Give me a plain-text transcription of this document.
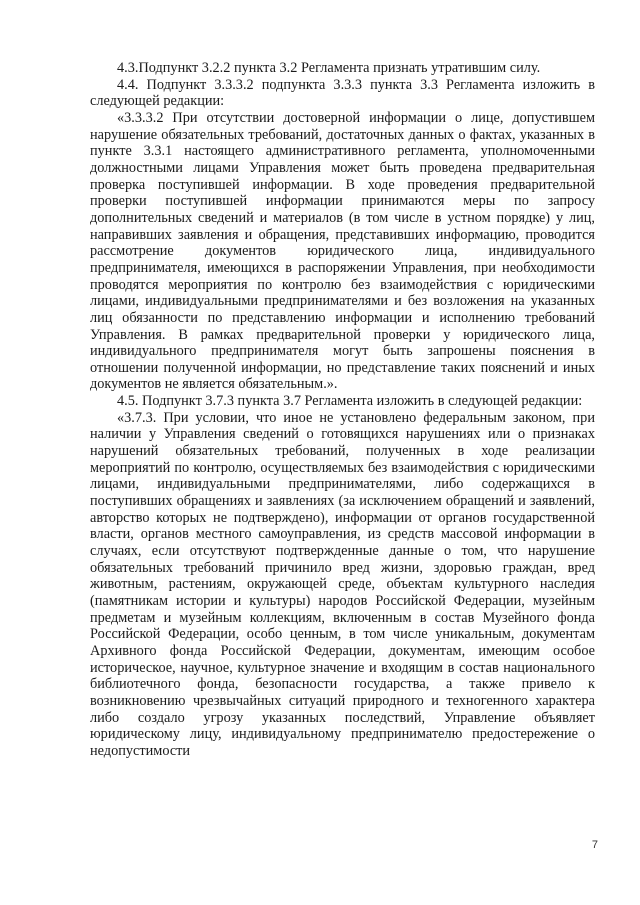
4.3.Подпункт 3.2.2 пункта 3.2 Регламента признать утратившим силу.

4.4. Подпункт 3.3.3.2 подпункта 3.3.3 пункта 3.3 Регламента изложить в следующей редакции:

«3.3.3.2 При отсутствии достоверной информации о лице, допустившем нарушение обязательных требований, достаточных данных о фактах, указанных в пункте 3.3.1 настоящего административного регламента, уполномоченными должностными лицами Управления может быть проведена предварительная проверка поступившей информации. В ходе проведения предварительной проверки поступившей информации принимаются меры по запросу дополнительных сведений и материалов (в том числе в устном порядке) у лиц, направивших заявления и обращения, представивших информацию, проводится рассмотрение документов юридического лица, индивидуального предпринимателя, имеющихся в распоряжении Управления, при необходимости проводятся мероприятия по контролю без взаимодействия с юридическими лицами, индивидуальными предпринимателями и без возложения на указанных лиц обязанности по представлению информации и исполнению требований Управления. В рамках предварительной проверки у юридического лица, индивидуального предпринимателя могут быть запрошены пояснения в отношении полученной информации, но представление таких пояснений и иных документов не является обязательным.».

4.5. Подпункт 3.7.3 пункта 3.7 Регламента изложить в следующей редакции:

«3.7.3. При условии, что иное не установлено федеральным законом, при наличии у Управления сведений о готовящихся нарушениях или о признаках нарушений обязательных требований, полученных в ходе реализации мероприятий по контролю, осуществляемых без взаимодействия с юридическими лицами, индивидуальными предпринимателями, либо содержащихся в поступивших обращениях и заявлениях (за исключением обращений и заявлений, авторство которых не подтверждено), информации от органов государственной власти, органов местного самоуправления, из средств массовой информации в случаях, если отсутствуют подтвержденные данные о том, что нарушение обязательных требований причинило вред жизни, здоровью граждан, вред животным, растениям, окружающей среде, объектам культурного наследия (памятникам истории и культуры) народов Российской Федерации, музейным предметам и музейным коллекциям, включенным в состав Музейного фонда Российской Федерации, особо ценным, в том числе уникальным, документам Архивного фонда Российской Федерации, документам, имеющим особое историческое, научное, культурное значение и входящим в состав национального библиотечного фонда, безопасности государства, а также привело к возникновению чрезвычайных ситуаций природного и техногенного характера либо создало угрозу указанных последствий, Управление объявляет юридическому лицу, индивидуальному предпринимателю предостережение о недопустимости

7
